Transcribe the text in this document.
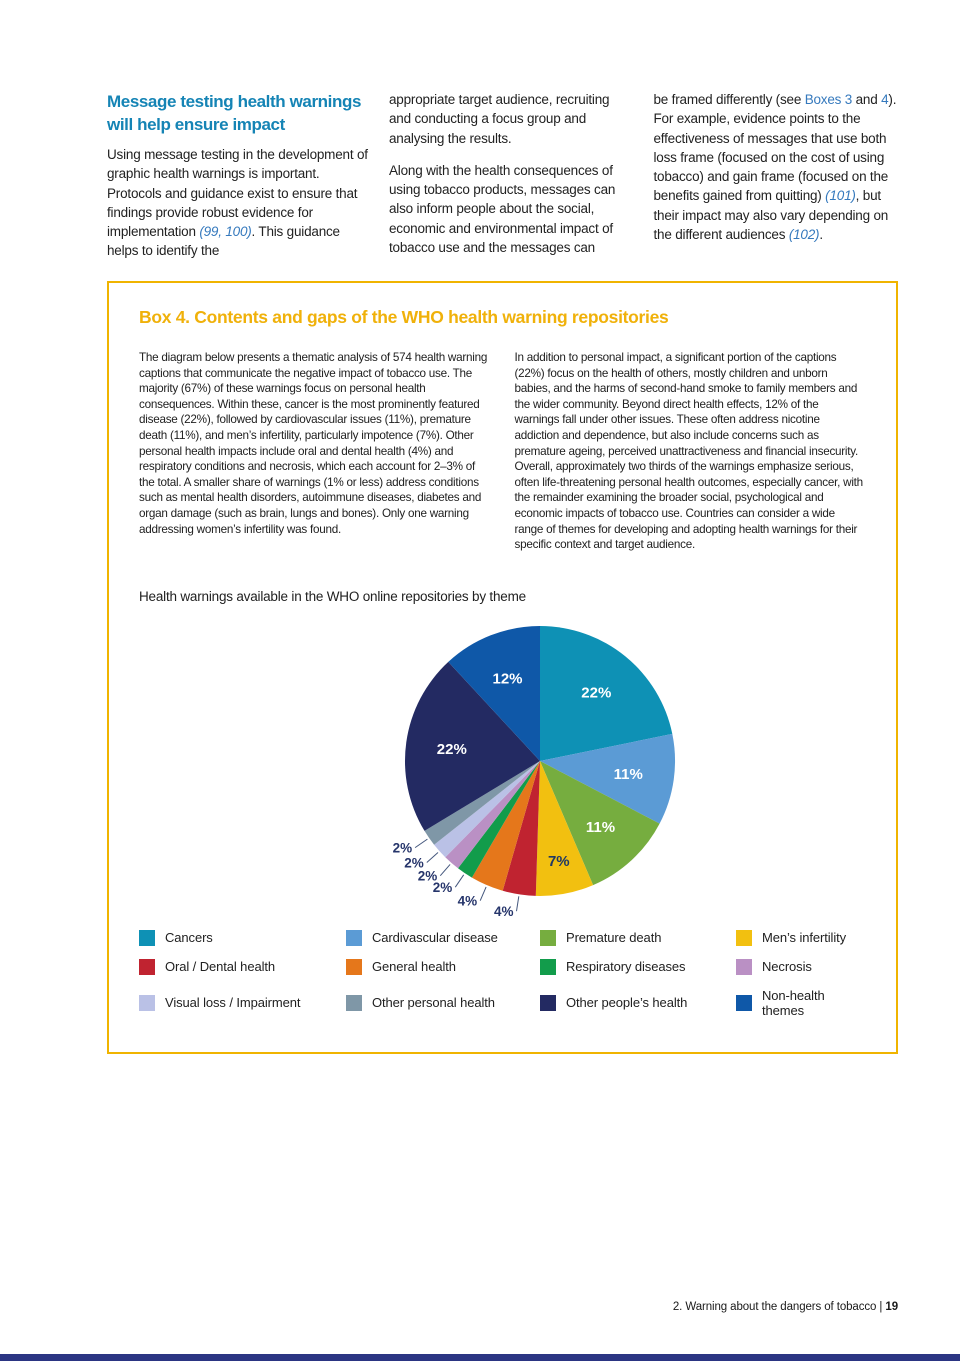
Message testing health warnings will help ensure impact

Using message testing in the development of graphic health warnings is important. Protocols and guidance exist to ensure that findings provide robust evidence for implementation (99, 100). This guidance helps to identify the

appropriate target audience, recruiting and conducting a focus group and analysing the results.

Along with the health consequences of using tobacco products, messages can also inform people about the social, economic and environmental impact of tobacco use and the messages can

be framed differently (see Boxes 3 and 4). For example, evidence points to the effectiveness of messages that use both loss frame (focused on the cost of using tobacco) and gain frame (focused on the benefits gained from quitting) (101), but their impact may also vary depending on the different audiences (102).

Box 4. Contents and gaps of the WHO health warning repositories

The diagram below presents a thematic analysis of 574 health warning captions that communicate the negative impact of tobacco use. The majority (67%) of these warnings focus on personal health consequences. Within these, cancer is the most prominently featured disease (22%), followed by cardiovascular issues (11%), premature death (11%), and men’s infertility, particularly impotence (7%). Other personal health impacts include oral and dental health (4%) and respiratory conditions and necrosis, which each account for 2–3% of the total. A smaller share of warnings (1% or less) address conditions such as mental health disorders, autoimmune diseases, diabetes and organ damage (such as brain, lungs and bones). Only one warning addressing women’s infertility was found.

In addition to personal impact, a significant portion of the captions (22%) focus on the health of others, mostly children and unborn babies, and the harms of second-hand smoke to family members and the wider community. Beyond direct health effects, 12% of the warnings fall under other issues. These often address nicotine addiction and dependence, but also include concerns such as premature ageing, perceived unattractiveness and financial insecurity. Overall, approximately two thirds of the warnings emphasize serious, often life-threatening personal health outcomes, especially cancer, with the remainder examining the broader social, psychological and economic impacts of tobacco use. Countries can consider a wide range of themes for developing and adopting health warnings for their specific context and target audience.

Health warnings available in the WHO online repositories by theme

22%
11%
11%
7%
4%
4%
2%
2%
2%
2%
22%
12%
Cancers	Cardivascular disease	Premature death	Men’s infertility
Oral / Dental health	General health	Respiratory diseases	Necrosis
Visual loss / Impairment	Other personal health	Other people’s health	Non-health themes
2. Warning about the dangers of tobacco | 19
